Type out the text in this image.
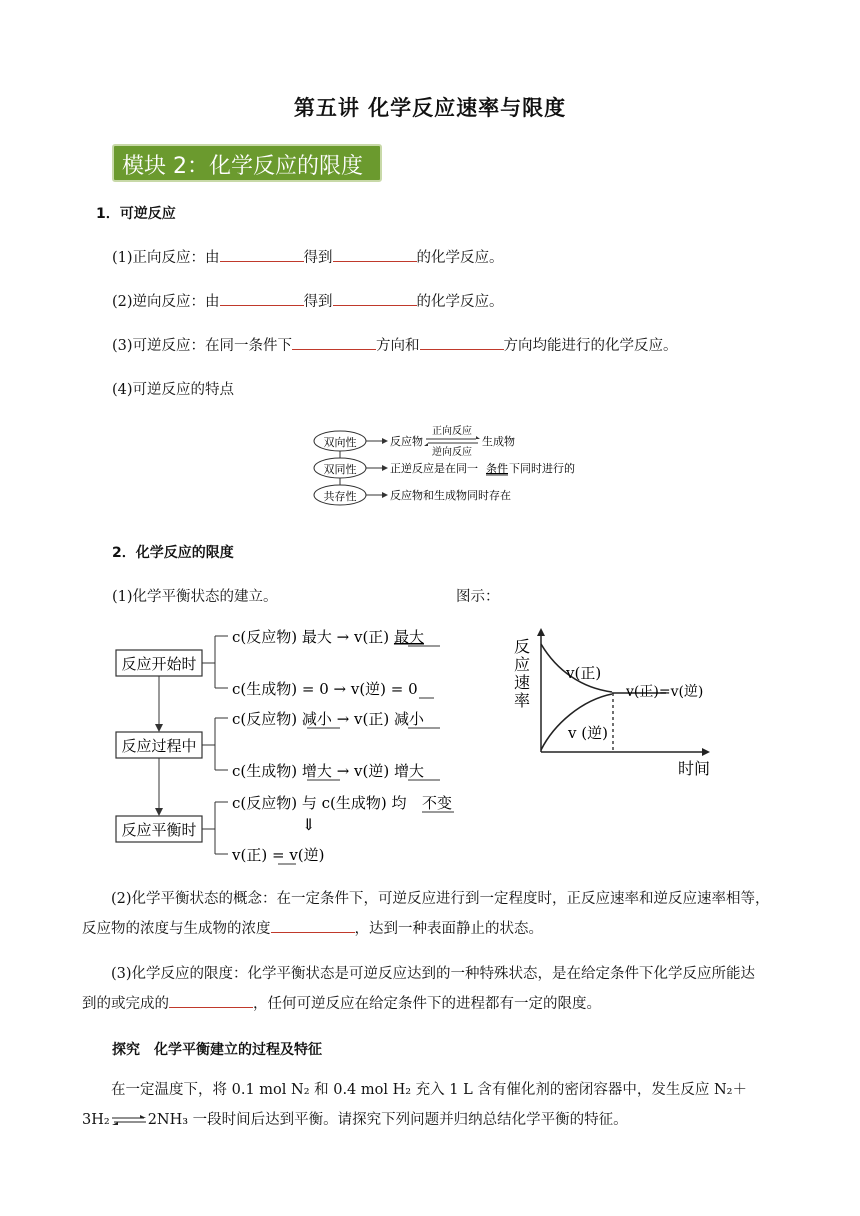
第五讲 化学反应速率与限度
模块 2：化学反应的限度
1．可逆反应
(1)正向反应：由	得到	的化学反应。
(2)逆向反应：由	得到	的化学反应。
(3)可逆反应：在同一条件下	方向和	方向均能进行的化学反应。
(4)可逆反应的特点
双向性
双同性
共存性
反应物
正向反应
逆向反应
生成物
正逆反应是在同一 条件 下同时进行的
反应物和生成物同时存在
2．化学反应的限度
(1)化学平衡状态的建立。	图示：
反应开始时
反应过程中
反应平衡时
c(反应物) 最大 → v(正) 最大
c(生成物) = 0 → v(逆) = 0
c(反应物) 减小 → v(正) 减小
c(生成物) 增大 → v(逆) 增大
c(反应物) 与 c(生成物) 均 不变
⇓
v(正) = v(逆)
反
应
速
率
v(正)
v (逆)
v(正)=v(逆)
时间
(2)化学平衡状态的概念：在一定条件下，可逆反应进行到一定程度时，正反应速率和逆反应速率相等，
反应物的浓度与生成物的浓度	，达到一种表面静止的状态。
(3)化学反应的限度：化学平衡状态是可逆反应达到的一种特殊状态，是在给定条件下化学反应所能达
到的或完成的	，任何可逆反应在给定条件下的进程都有一定的限度。
探究　化学平衡建立的过程及特征
在一定温度下，将 0.1 mol N₂ 和 0.4 mol H₂ 充入 1 L 含有催化剂的密闭容器中，发生反应 N₂＋
3H₂⇌2NH₃ 一段时间后达到平衡。请探究下列问题并归纳总结化学平衡的特征。
